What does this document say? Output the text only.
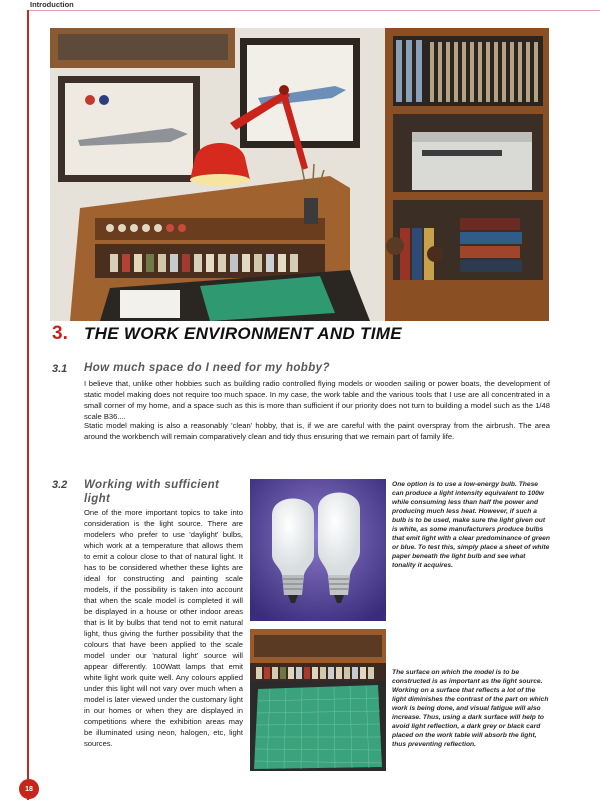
Introduction
3. THE WORK ENVIRONMENT AND TIME
3.1 How much space do I need for my hobby?
I believe that, unlike other hobbies such as building radio controlled flying models or wooden sailing or power boats, the development of static model making does not require too much space. In my case, the work table and the various tools that I use are all concentrated in a small corner of my home, and a space such as this is more than sufficient if our priority does not turn to building a model such as the 1/48 scale B36....
Static model making is also a reasonably 'clean' hobby, that is, if we are careful with the paint overspray from the airbrush. The area around the workbench will remain comparatively clean and tidy thus ensuring that we remain part of family life.
3.2 Working with sufficient light
One of the more important topics to take into consideration is the light source. There are modelers who prefer to use 'daylight' bulbs, which work at a temperature that allows them to emit a colour close to that of natural light. It has to be considered whether these lights are ideal for constructing and painting scale models, if the possibility is taken into account that when the scale model is completed it will be displayed in a house or other indoor areas that is lit by bulbs that tend not to emit natural light, thus giving the further possibility that the colours that have been applied to the scale model under our 'natural light' source will appear differently. 100Watt lamps that emit white light work quite well. Any colours applied under this light will not vary over much when a model is later viewed under the customary light in our homes or when they are displayed in competitions where the exhibition areas may be illuminated using neon, halogen, etc, light sources.
One option is to use a low-energy bulb. These can produce a light intensity equivalent to 100w while consuming less than half the power and producing much less heat. However, if such a bulb is to be used, make sure the light given out is white, as some manufacturers produce bulbs that emit light with a clear predominance of green or blue. To test this, simply place a sheet of white paper beneath the light bulb and see what tonality it acquires.
The surface on which the model is to be constructed is as important as the light source. Working on a surface that reflects a lot of the light diminishes the contrast of the part on which work is being done, and visual fatigue will also increase. Thus, using a dark surface will help to avoid light reflection, a dark grey or black card placed on the work table will absorb the light, thus preventing reflection.
18
